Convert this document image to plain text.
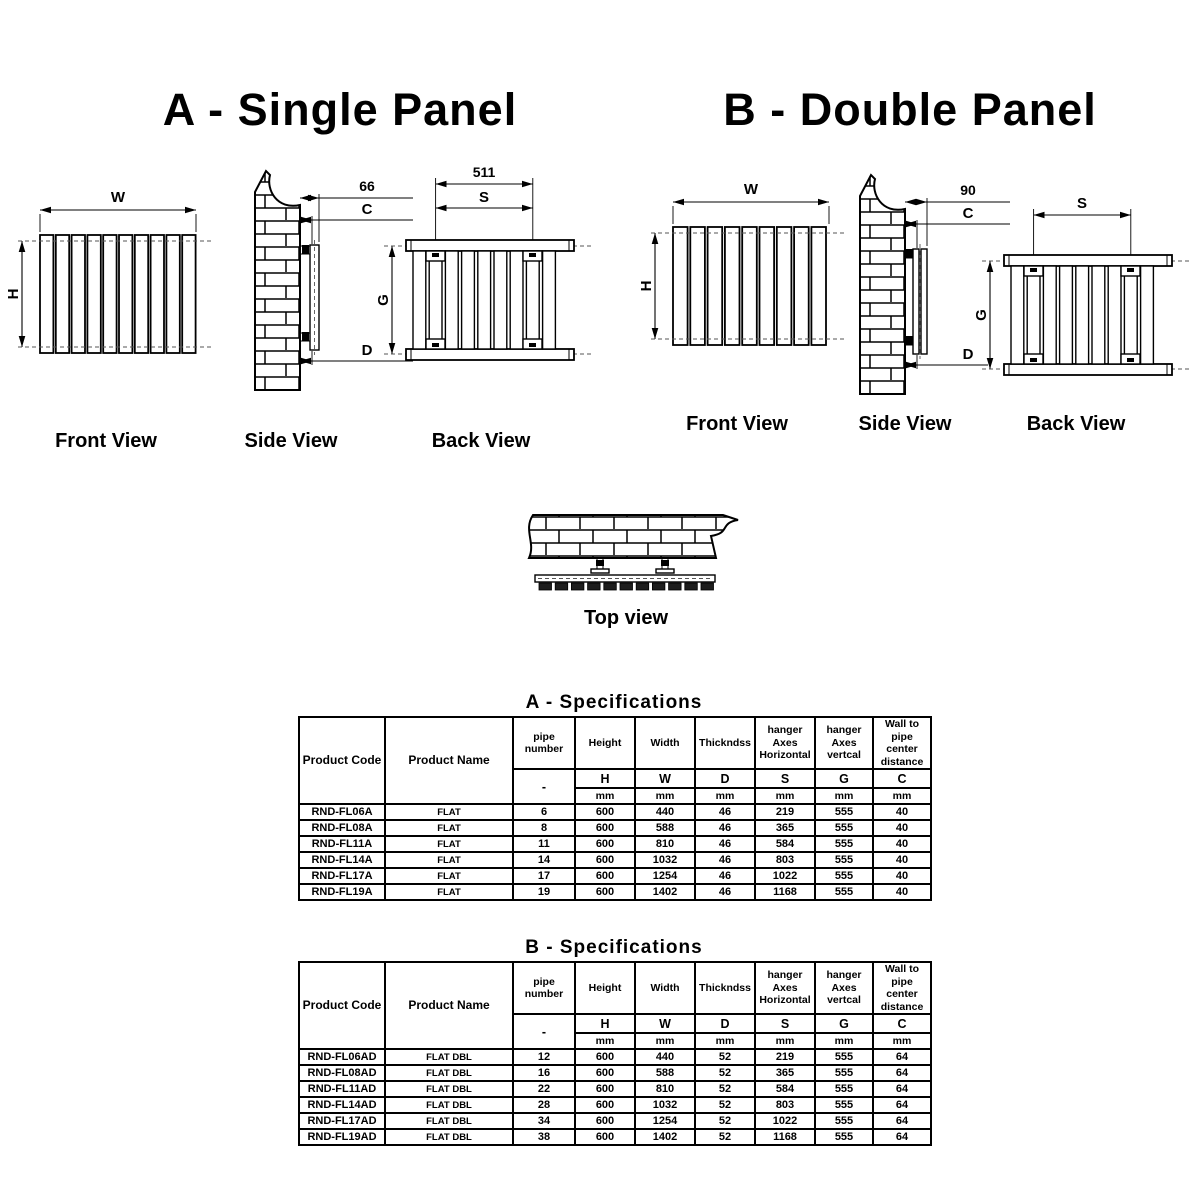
A - Single Panel	B - Double Panel
W
H
66
C
D
511
S
G
W
H
90
C
D
S
G
Front View	Side View	Back View
Front View	Side View	Back View
Top view
A - Specifications
Product Code	Product Name	pipe number	Height	Width	Thickndss	hanger Axes Horizontal	hanger Axes vertcal	Wall to pipe center distance
		-	H	W	D	S	G	C
			mm	mm	mm	mm	mm	mm
RND-FL06A	FLAT	6	600	440	46	219	555	40
RND-FL08A	FLAT	8	600	588	46	365	555	40
RND-FL11A	FLAT	11	600	810	46	584	555	40
RND-FL14A	FLAT	14	600	1032	46	803	555	40
RND-FL17A	FLAT	17	600	1254	46	1022	555	40
RND-FL19A	FLAT	19	600	1402	46	1168	555	40
B - Specifications
Product Code	Product Name	pipe number	Height	Width	Thickndss	hanger Axes Horizontal	hanger Axes vertcal	Wall to pipe center distance
		-	H	W	D	S	G	C
			mm	mm	mm	mm	mm	mm
RND-FL06AD	FLAT DBL	12	600	440	52	219	555	64
RND-FL08AD	FLAT DBL	16	600	588	52	365	555	64
RND-FL11AD	FLAT DBL	22	600	810	52	584	555	64
RND-FL14AD	FLAT DBL	28	600	1032	52	803	555	64
RND-FL17AD	FLAT DBL	34	600	1254	52	1022	555	64
RND-FL19AD	FLAT DBL	38	600	1402	52	1168	555	64
